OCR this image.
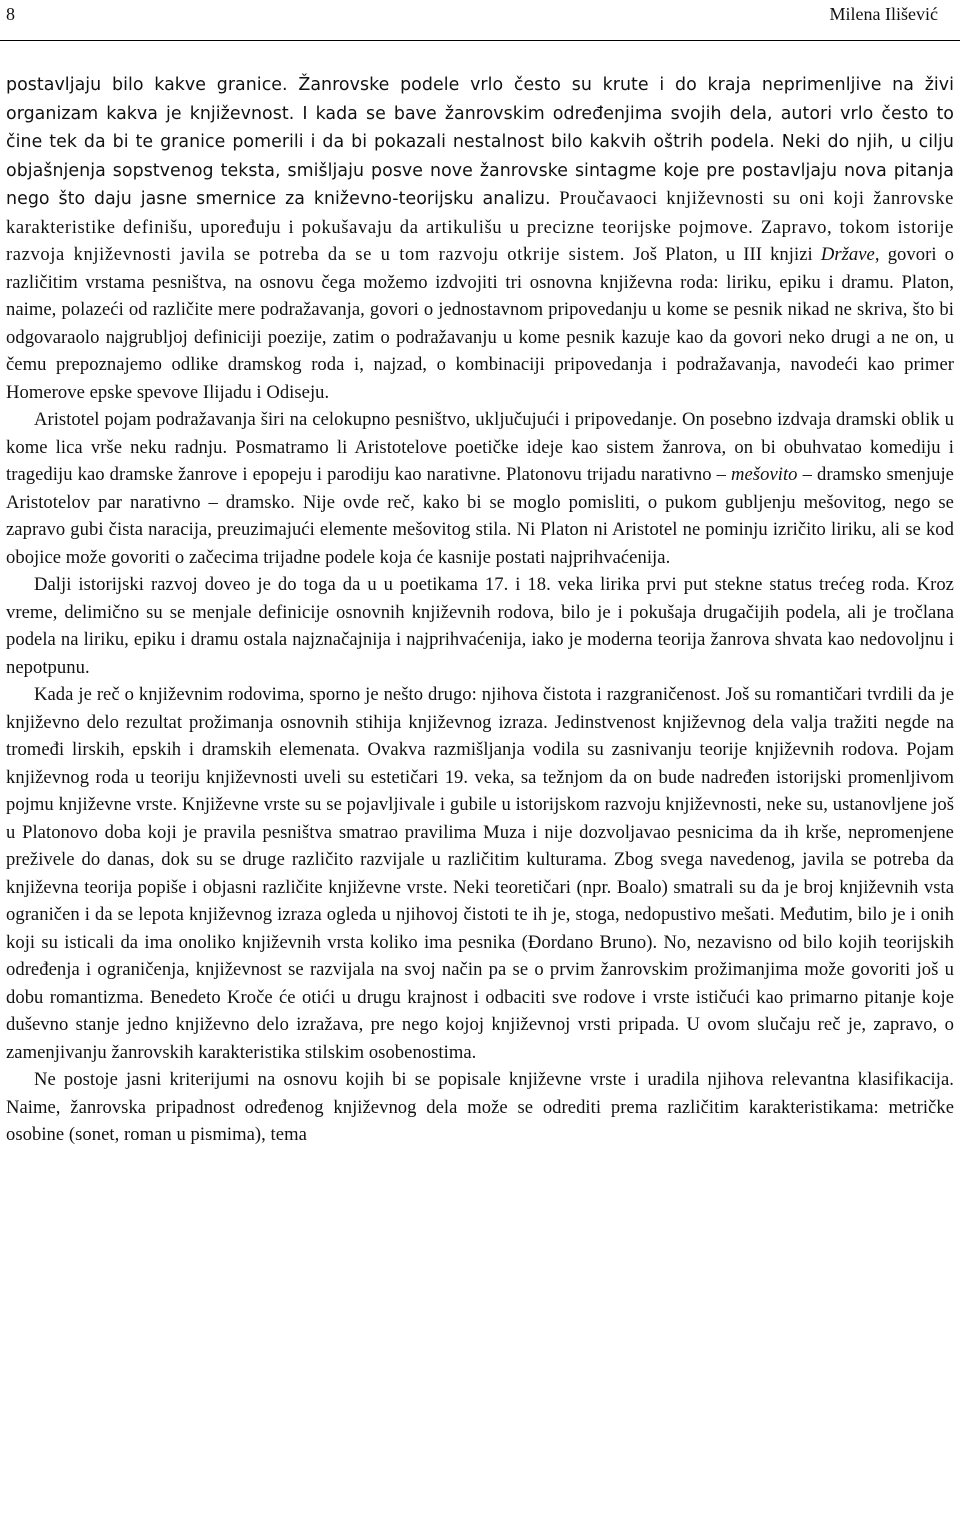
8	Milena Ilišević

postavljaju bilo kakve granice. Žanrovske podele vrlo često su krute i do kraja neprimenljive na živi organizam kakva je književnost. I kada se bave žanrovskim određenjima svojih dela, autori vrlo često to čine tek da bi te granice pomerili i da bi pokazali nestalnost bilo kakvih oštrih podela. Neki do njih, u cilju objašnjenja sopstvenog teksta, smišljaju posve nove žanrovske sintagme koje pre postavljaju nova pitanja nego što daju jasne smernice za kniževno-teorijsku analizu. Proučavaoci književnosti su oni koji žanrovske karakteristike definišu, upoređuju i pokušavaju da artikulišu u precizne teorijske pojmove. Zapravo, tokom istorije razvoja književnosti javila se potreba da se u tom razvoju otkrije sistem. Još Platon, u III knjizi Države, govori o različitim vrstama pesništva, na osnovu čega možemo izdvojiti tri osnovna književna roda: liriku, epiku i dramu. Platon, naime, polazeći od različite mere podražavanja, govori o jednostavnom pripovedanju u kome se pesnik nikad ne skriva, što bi odgovaraolo najgrubljoj definiciji poezije, zatim o podražavanju u kome pesnik kazuje kao da govori neko drugi a ne on, u čemu prepoznajemo odlike dramskog roda i, najzad, o kombinaciji pripovedanja i podražavanja, navodeći kao primer Homerove epske spevove Ilijadu i Odiseju.

Aristotel pojam podražavanja širi na celokupno pesništvo, uključujući i pripovedanje. On posebno izdvaja dramski oblik u kome lica vrše neku radnju. Posmatramo li Aristotelove poetičke ideje kao sistem žanrova, on bi obuhvatao komediju i tragediju kao dramske žanrove i epopeju i parodiju kao narativne. Platonovu trijadu narativno – mešovito – dramsko smenjuje Aristotelov par narativno – dramsko. Nije ovde reč, kako bi se moglo pomisliti, o pukom gubljenju mešovitog, nego se zapravo gubi čista naracija, preuzimajući elemente mešovitog stila. Ni Platon ni Aristotel ne pominju izričito liriku, ali se kod obojice može govoriti o začecima trijadne podele koja će kasnije postati najprihvaćenija.

Dalji istorijski razvoj doveo je do toga da u u poetikama 17. i 18. veka lirika prvi put stekne status trećeg roda. Kroz vreme, delimično su se menjale definicije osnovnih književnih rodova, bilo je i pokušaja drugačijih podela, ali je tročlana podela na liriku, epiku i dramu ostala najznačajnija i najprihvaćenija, iako je moderna teorija žanrova shvata kao nedovoljnu i nepotpunu.

Kada je reč o književnim rodovima, sporno je nešto drugo: njihova čistota i razgraničenost. Još su romantičari tvrdili da je književno delo rezultat prožimanja osnovnih stihija književnog izraza. Jedinstvenost književnog dela valja tražiti negde na tromeđi lirskih, epskih i dramskih elemenata. Ovakva razmišljanja vodila su zasnivanju teorije književnih rodova. Pojam književnog roda u teoriju književnosti uveli su estetičari 19. veka, sa težnjom da on bude nadređen istorijski promenljivom pojmu književne vrste. Književne vrste su se pojavljivale i gubile u istorijskom razvoju književnosti, neke su, ustanovljene još u Platonovo doba koji je pravila pesništva smatrao pravilima Muza i nije dozvoljavao pesnicima da ih krše, nepromenjene preživele do danas, dok su se druge različito razvijale u različitim kulturama. Zbog svega navedenog, javila se potreba da književna teorija popiše i objasni različite književne vrste. Neki teoretičari (npr. Boalo) smatrali su da je broj književnih vsta ograničen i da se lepota književnog izraza ogleda u njihovoj čistoti te ih je, stoga, nedopustivo mešati. Međutim, bilo je i onih koji su isticali da ima onoliko književnih vrsta koliko ima pesnika (Đordano Bruno). No, nezavisno od bilo kojih teorijskih određenja i ograničenja, književnost se razvijala na svoj način pa se o prvim žanrovskim prožimanjima može govoriti još u dobu romantizma. Benedeto Kroče će otići u drugu krajnost i odbaciti sve rodove i vrste ističući kao primarno pitanje koje duševno stanje jedno književno delo izražava, pre nego kojoj književnoj vrsti pripada. U ovom slučaju reč je, zapravo, o zamenjivanju žanrovskih karakteristika stilskim osobenostima.

Ne postoje jasni kriterijumi na osnovu kojih bi se popisale književne vrste i uradila njihova relevantna klasifikacija. Naime, žanrovska pripadnost određenog književnog dela može se odrediti prema različitim karakteristikama: metričke osobine (sonet, roman u pismima), tema
